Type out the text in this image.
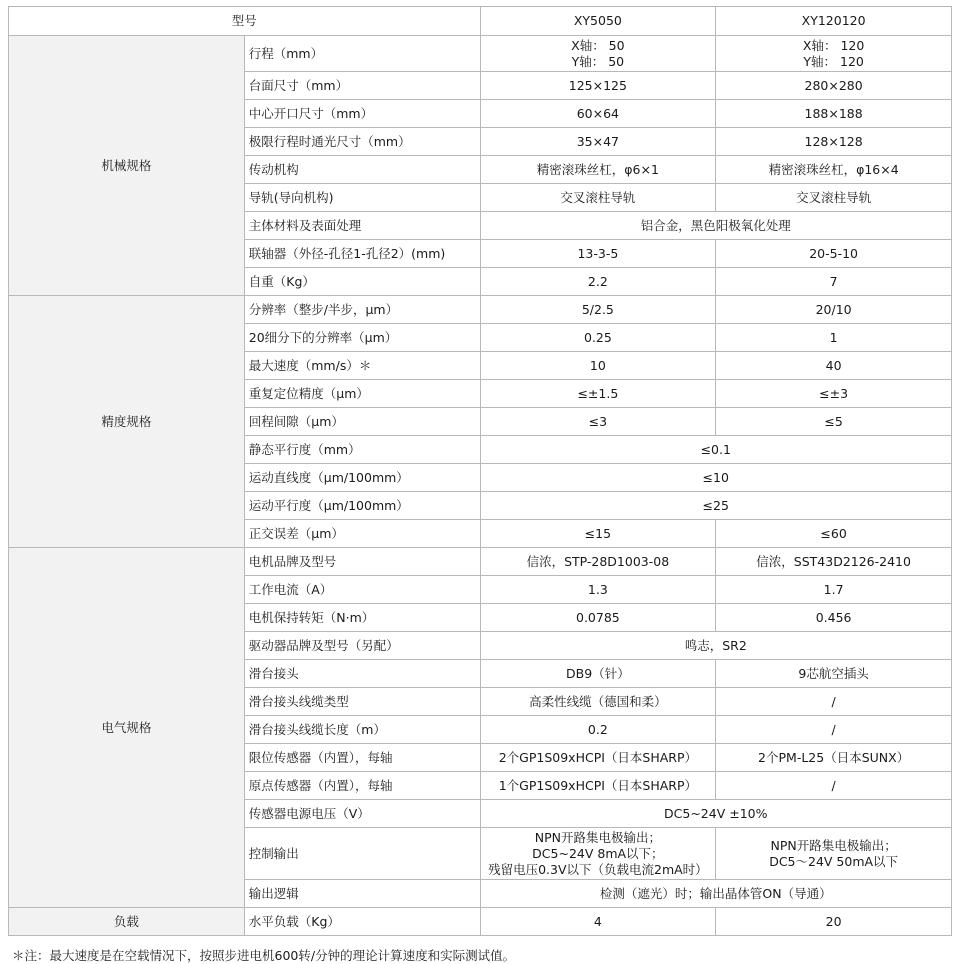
型号		XY5050	XY120120
机械规格	行程（mm）	X轴： 50
Y轴： 50	X轴： 120
Y轴： 120

	台面尺寸（mm）	125×125	280×280

	中心开口尺寸（mm）	60×64	188×188

	极限行程时通光尺寸（mm）	35×47	128×128

	传动机构	精密滚珠丝杠，φ6×1	精密滚珠丝杠，φ16×4

	导轨(导向机构)	交叉滚柱导轨	交叉滚柱导轨

	主体材料及表面处理	铝合金，黑色阳极氧化处理	

	联轴器（外径-孔径1-孔径2）(mm)	13-3-5	20-5-10

	自重（Kg）	2.2	7

精度规格	分辨率（整步/半步，μm）	5/2.5	20/10

	20细分下的分辨率（μm）	0.25	1

	最大速度（mm/s）＊	10	40

	重复定位精度（μm）	≤±1.5	≤±3

	回程间隙（μm）	≤3	≤5

	静态平行度（mm）	≤0.1	

	运动直线度（μm/100mm）	≤10	

	运动平行度（μm/100mm）	≤25	

	正交误差（μm）	≤15	≤60

电气规格	电机品牌及型号	信浓，STP-28D1003-08	信浓，SST43D2126-2410

	工作电流（A）	1.3	1.7

	电机保持转矩（N·m）	0.0785	0.456

	驱动器品牌及型号（另配）	鸣志，SR2	

	滑台接头	DB9（针）	9芯航空插头

	滑台接头线缆类型	高柔性线缆（德国和柔）	/

	滑台接头线缆长度（m）	0.2	/

	限位传感器（内置），每轴	2个GP1S09xHCPI（日本SHARP）	2个PM-L25（日本SUNX）

	原点传感器（内置），每轴	1个GP1S09xHCPI（日本SHARP）	/

	传感器电源电压（V）	DC5~24V ±10%	

	控制输出	NPN开路集电极输出；
DC5~24V 8mA以下；
残留电压0.3V以下（负载电流2mA时）	NPN开路集电极输出；
DC5～24V 50mA以下

	输出逻辑	检测（遮光）时；输出晶体管ON（导通）	

负载	水平负载（Kg）	4	20
＊注：最大速度是在空载情况下，按照步进电机600转/分钟的理论计算速度和实际测试值。
